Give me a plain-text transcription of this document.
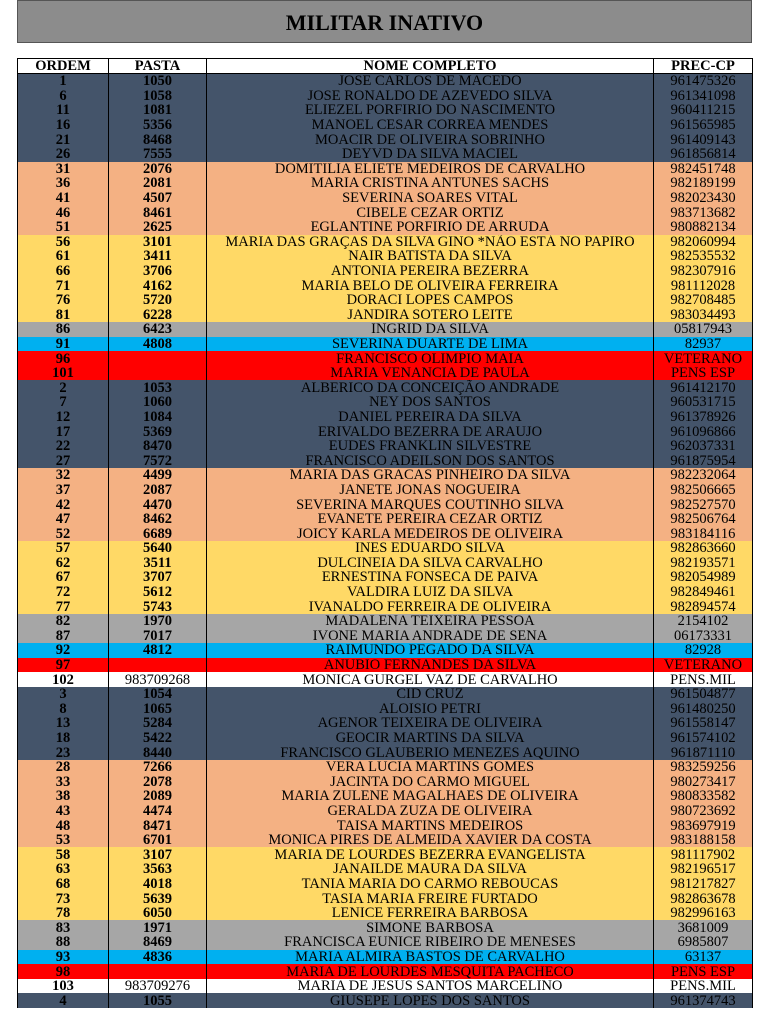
MILITAR INATIVO
ORDEM	PASTA	NOME COMPLETO	PREC-CP
1	1050	JOSE CARLOS DE MACEDO	961475326
6	1058	JOSE RONALDO DE AZEVEDO SILVA	961341098
11	1081	ELIEZEL PORFIRIO DO NASCIMENTO	960411215
16	5356	MANOEL CESAR CORREA MENDES	961565985
21	8468	MOACIR DE OLIVEIRA SOBRINHO	961409143
26	7555	DEYVD DA SILVA MACIEL	961856814
31	2076	DOMITILIA ELIETE MEDEIROS DE CARVALHO	982451748
36	2081	MARIA CRISTINA ANTUNES SACHS	982189199
41	4507	SEVERINA SOARES VITAL	982023430
46	8461	CIBELE CEZAR ORTIZ	983713682
51	2625	EGLANTINE PORFIRIO DE ARRUDA	980882134
56	3101	MARIA DAS GRAÇAS DA SILVA GINO *NÃO ESTÁ NO PAPIRO	982060994
61	3411	NAIR BATISTA DA SILVA	982535532
66	3706	ANTONIA PEREIRA BEZERRA	982307916
71	4162	MARIA BELO DE OLIVEIRA FERREIRA	981112028
76	5720	DORACI LOPES CAMPOS	982708485
81	6228	JANDIRA SOTERO LEITE	983034493
86	6423	INGRID DA SILVA	05817943
91	4808	SEVERINA DUARTE DE LIMA	82937
96		FRANCISCO OLIMPIO MAIA	VETERANO
101		MARIA VENANCIA DE PAULA	PENS ESP
2	1053	ALBERICO DA CONCEIÇÃO ANDRADE	961412170
7	1060	NEY DOS SANTOS	960531715
12	1084	DANIEL PEREIRA DA SILVA	961378926
17	5369	ERIVALDO BEZERRA DE ARAUJO	961096866
22	8470	EUDES FRANKLIN SILVESTRE	962037331
27	7572	FRANCISCO ADEILSON DOS SANTOS	961875954
32	4499	MARIA DAS GRACAS PINHEIRO DA SILVA	982232064
37	2087	JANETE JONAS NOGUEIRA	982506665
42	4470	SEVERINA MARQUES COUTINHO SILVA	982527570
47	8462	EVANETE PEREIRA CEZAR ORTIZ	982506764
52	6689	JOICY KARLA MEDEIROS DE OLIVEIRA	983184116
57	5640	INES EDUARDO SILVA	982863660
62	3511	DULCINEIA DA SILVA CARVALHO	982193571
67	3707	ERNESTINA FONSECA DE PAIVA	982054989
72	5612	VALDIRA LUIZ DA SILVA	982849461
77	5743	IVANALDO FERREIRA DE OLIVEIRA	982894574
82	1970	MADALENA TEIXEIRA PESSOA	2154102
87	7017	IVONE MARIA ANDRADE DE SENA	06173331
92	4812	RAIMUNDO PEGADO DA SILVA	82928
97		ANUBIO FERNANDES DA SILVA	VETERANO
102	983709268	MONICA GURGEL VAZ DE CARVALHO	PENS.MIL
3	1054	CID CRUZ	961504877
8	1065	ALOISIO PETRI	961480250
13	5284	AGENOR TEIXEIRA DE OLIVEIRA	961558147
18	5422	GEOCIR MARTINS DA SILVA	961574102
23	8440	FRANCISCO GLAUBERIO MENEZES AQUINO	961871110
28	7266	VERA LUCIA MARTINS GOMES	983259256
33	2078	JACINTA DO CARMO MIGUEL	980273417
38	2089	MARIA ZULENE MAGALHAES DE OLIVEIRA	980833582
43	4474	GERALDA ZUZA DE OLIVEIRA	980723692
48	8471	TAISA MARTINS MEDEIROS	983697919
53	6701	MONICA PIRES DE ALMEIDA XAVIER DA COSTA	983188158
58	3107	MARIA DE LOURDES BEZERRA EVANGELISTA	981117902
63	3563	JANAILDE MAURA DA SILVA	982196517
68	4018	TANIA MARIA DO CARMO REBOUCAS	981217827
73	5639	TASIA MARIA FREIRE FURTADO	982863678
78	6050	LENICE FERREIRA BARBOSA	982996163
83	1971	SIMONE BARBOSA	3681009
88	8469	FRANCISCA EUNICE RIBEIRO DE MENESES	6985807
93	4836	MARIA ALMIRA BASTOS DE CARVALHO	63137
98		MARIA DE LOURDES MESQUITA PACHECO	PENS ESP
103	983709276	MARIA DE JESUS SANTOS MARCELINO	PENS.MIL
4	1055	GIUSEPE LOPES DOS SANTOS	961374743
